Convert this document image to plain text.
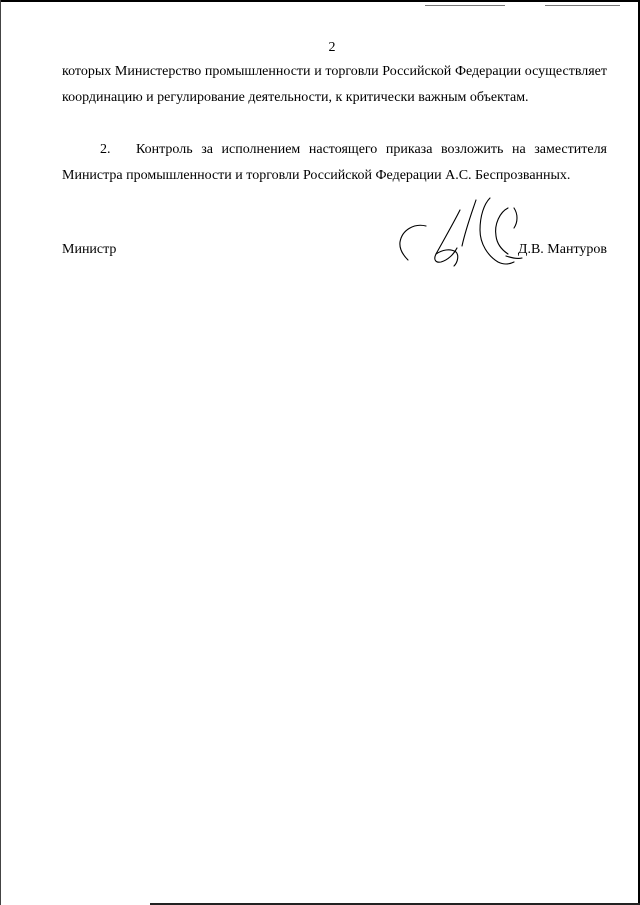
2

которых Министерство промышленности и торговли Российской Федерации осуществляет координацию и регулирование деятельности, к критически важным объектам.

2. Контроль за исполнением настоящего приказа возложить на заместителя Министра промышленности и торговли Российской Федерации А.С. Беспрозванных.

Министр	Д.В. Мантуров
